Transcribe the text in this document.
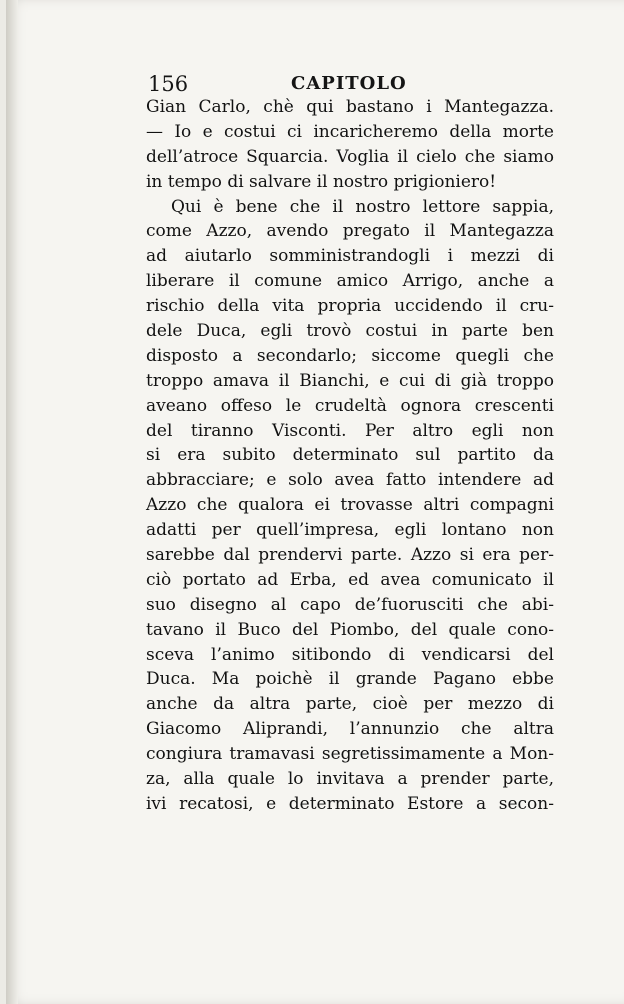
156	CAPITOLO
Gian Carlo, chè qui bastano i Mantegazza.
— Io e costui ci incaricheremo della morte
dell’atroce Squarcia. Voglia il cielo che siamo
in tempo di salvare il nostro prigioniero!
Qui è bene che il nostro lettore sappia,
come Azzo, avendo pregato il Mantegazza
ad aiutarlo somministrandogli i mezzi di
liberare il comune amico Arrigo, anche a
rischio della vita propria uccidendo il cru-
dele Duca, egli trovò costui in parte ben
disposto a secondarlo; siccome quegli che
troppo amava il Bianchi, e cui di già troppo
aveano offeso le crudeltà ognora crescenti
del tiranno Visconti. Per altro egli non
si era subito determinato sul partito da
abbracciare; e solo avea fatto intendere ad
Azzo che qualora ei trovasse altri compagni
adatti per quell’impresa, egli lontano non
sarebbe dal prendervi parte. Azzo si era per-
ciò portato ad Erba, ed avea comunicato il
suo disegno al capo de’fuorusciti che abi-
tavano il Buco del Piombo, del quale cono-
sceva l’animo sitibondo di vendicarsi del
Duca. Ma poichè il grande Pagano ebbe
anche da altra parte, cioè per mezzo di
Giacomo Aliprandi, l’annunzio che altra
congiura tramavasi segretissimamente a Mon-
za, alla quale lo invitava a prender parte,
ivi recatosi, e determinato Estore a secon-
